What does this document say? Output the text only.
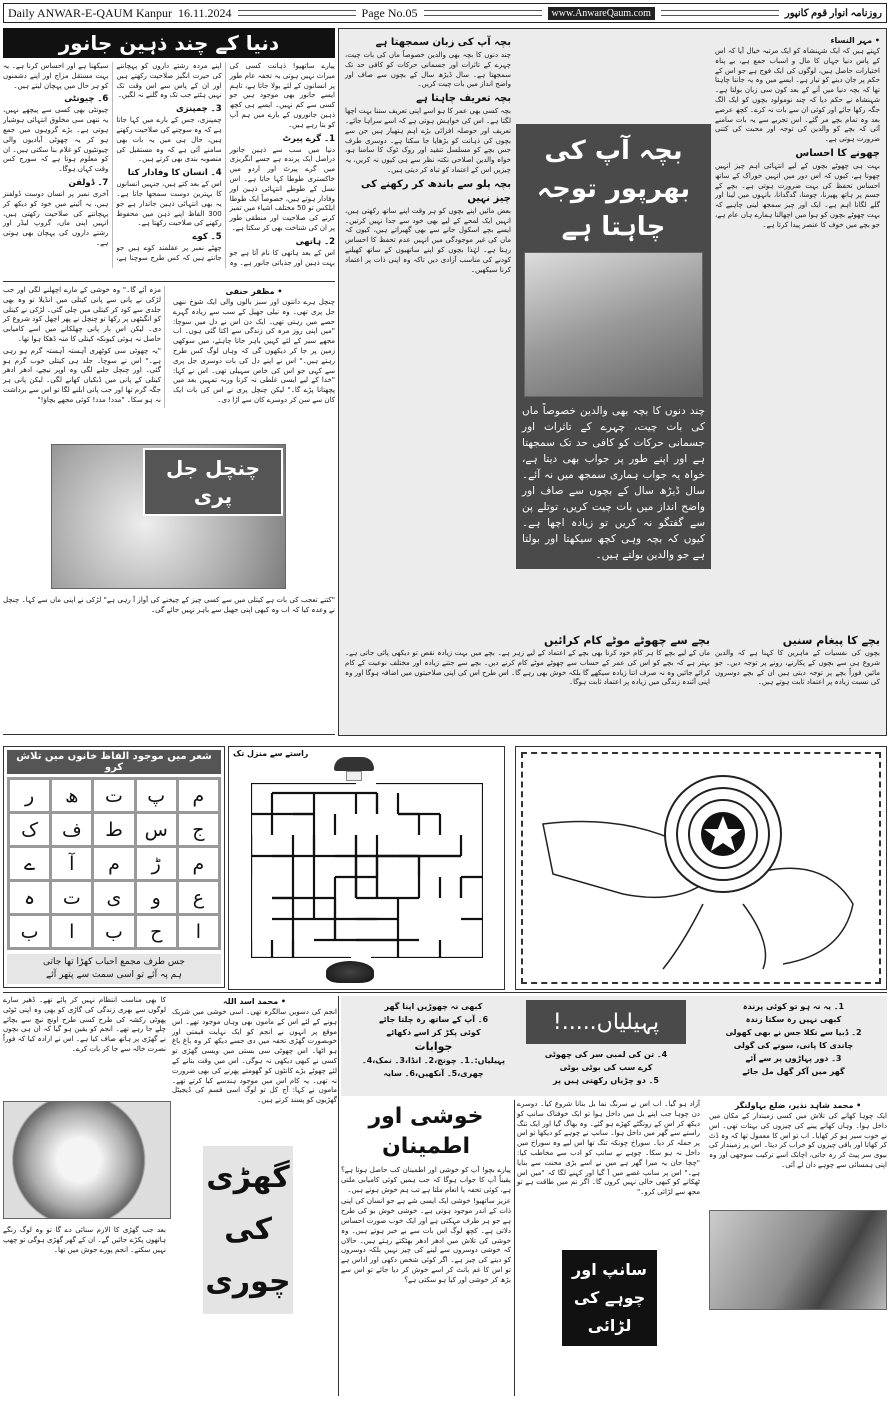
Daily ANWAR-E-QAUM Kanpur 16.11.2024	Page No.05	www.AnwareQaum.com	روزنامہ انوار قوم کانپور
دنیا کے چند ذہین جانور

پیارے ساتھیو! ذہانت کسی کی میراث نہیں ہوتی یہ تحفہ عام طور پر انسانوں کے لئے بولا جاتا ہے، تاہم ایسے جانور بھی موجود ہیں جو کسی سے کم نہیں۔ ایسے ہی کچھ ذہین جانوروں کے بارے میں ہم آپ کو بتا رہے ہیں۔

1۔ گرے پیرٹ

دنیا میں سب سے ذہین جانور دراصل ایک پرندہ ہے جسے انگریزی میں گرے پیرٹ اور اردو میں خاکستری طوطا کہا جاتا ہے۔ اس نسل کے طوطے انتہائی ذہین اور وفادار ہوتے ہیں، خصوصاً ایک طوطا ایلکس تو 50 مختلف اشیاء میں تمیز کرنے کی صلاحیت اور منطقی طور پر ان کی شناخت بھی کر سکتا ہے۔

2۔ ہاتھی

اس کے بعد ہاتھی کا نام آتا ہے جو بہت ذہین اور جذباتی جانور ہے۔ وہ اپنے مردہ رشتے داروں کو پہچاننے کی حیرت انگیز صلاحیت رکھتے ہیں اور ان کے پاس سے اس وقت تک نہیں ہٹتے جب تک وہ گلنے نہ لگیں۔

3۔ چمپنزی

چمپنزی، جس کے بارے میں کہا جاتا ہے کہ وہ سوچنے کی صلاحیت رکھتے ہیں، حال ہی میں یہ بات بھی سامنے آئی ہے کہ وہ مستقبل کی منصوبہ بندی بھی کرتے ہیں۔

4۔ انسان کا وفادار کتا

اس کے بعد کتے ہیں، جنہیں انسانوں کا بہترین دوست سمجھا جاتا ہے۔ یہ بھی انتہائی ذہین جاندار ہے جو 300 الفاظ اپنے ذہن میں محفوظ رکھنے کی صلاحیت رکھتا ہے۔

5۔ کوے

چھٹے نمبر پر عقلمند کوے ہیں جو جانتے ہیں کہ کس طرح سوچنا ہے، سیکھنا ہے اور احساس کرنا ہے۔ یہ بہت مستقل مزاج اور اپنے دشمنوں کو ہر حال میں پہچان لیتے ہیں۔

6۔ چیونٹی

چیونٹی بھی کسی سے پیچھے نہیں، یہ ننھی سی مخلوق انتہائی ہوشیار ہوتی ہے۔ بڑے گروہوں میں جمع ہو کر یہ چھوٹی آبادیوں والی چیونٹیوں کو غلام بنا سکتی ہیں۔ ان کو معلوم ہوتا ہے کہ سورج کس وقت کہاں ہوگا۔

7۔ ڈولفن

آخری نمبر پر انسان دوست ڈولفنز ہیں، یہ آئینے میں خود کو دیکھ کر پہچاننے کی صلاحیت رکھتی ہیں، انہیں اپنی ماں، گروپ لیڈر اور رشتے داروں کی پہچان بھی ہوتی ہے۔

• مظفر حنفی

چنچل ہرے دانتوں اور سبز بالوں والی ایک شوخ ننھی جل پری تھی۔ وہ نیلی جھیل کے سب سے زیادہ گہرے حصے میں رہتی تھی۔ ایک دن اس نے دل میں سوچا: "میں اپنی روز مرہ کی زندگی سے اکتا گئی ہوں۔ اب مجھے سیر کے لئے کہیں باہر جانا چاہئے، میں سوکھی زمین پر جا کر دیکھوں گی کہ وہاں لوگ کس طرح رہتے ہیں۔" اس نے اپنے دل کی بات دوسری جل پری سے کہی جو اس کی خاص سہیلی تھی۔ اس نے کہا: "خدا کے لیے ایسی غلطی نہ کرنا ورنہ تمہیں بعد میں پچھتانا پڑے گا۔" لیکن چنچل پری نے اس کی بات ایک کان سے سن کر دوسرے کان سے اڑا دی۔

مزہ آئے گا۔" وہ خوشی کے مارے اچھلنے لگی اور جب لڑکی نے پانی سے پانی کیتلی میں انڈیلا تو وہ بھی جلدی سے کود کر کیتلی میں چلی گئی۔ لڑکی نے کیتلی کو انگیٹھی پر رکھا تو چنچل نے پھر اچھل کود شروع کر دی۔ لیکن اس بار پانی چھلکانے میں اسے کامیابی حاصل نہ ہوئی کیونکہ کیتلی کا منہ ڈھکا ہوا تھا۔

"یہ چھوٹی سی کوٹھری آہستہ آہستہ گرم ہو رہی ہے۔" اس نے سوچا۔ جلد ہی کیتلی خوب گرم ہو گئی۔ اور چنچل جلنے لگی وہ اوپر نیچے، ادھر ادھر کیتلی کے پانی میں ڈبکیاں کھانے لگی۔ لیکن پانی ہر جگہ گرم تھا اور جب پانی ابلنے لگا تو اس سے برداشت نہ ہو سکا۔ "مدد! مدد! کوئی مجھے بچاؤ!"

چنچل جل پری

"کتنے تعجب کی بات ہے کیتلی میں سے کسی چیز کے چیخنے کی آواز آ رہی ہے" لڑکی نے اپنی ماں سے کہا۔ چنچل نے وعدہ کیا کہ اب وہ کبھی اپنی جھیل سے باہر نہیں جائے گی۔

• مہر النساء

کہتے ہیں کہ ایک شہنشاہ کو ایک مرتبہ خیال آیا کہ اس کے پاس دنیا جہاں کا مال و اسباب جمع ہے، بے پناہ اختیارات حاصل ہیں، لوگوں کی ایک فوج ہے جو اس کے حکم پر جان دینے کو تیار ہے۔ ایسے میں وہ یہ جاننا چاہتا تھا کہ بچہ دنیا میں آنے کے بعد کون سی زبان بولتا ہے۔ شہنشاہ نے حکم دیا کہ چند نومولود بچوں کو ایک الگ جگہ رکھا جائے اور کوئی ان سے بات نہ کرے۔ کچھ عرصے بعد وہ تمام بچے مر گئے۔ اس تجربے سے یہ بات سامنے آئی کہ بچے کو والدین کی توجہ اور محبت کی کتنی ضرورت ہوتی ہے۔

چھونے کا احساس

بہت ہی چھوٹے بچوں کے لیے انتہائی اہم چیز انہیں چھونا ہے، کیوں کہ اس دور میں انہیں خوراک کے ساتھ احساس تحفظ کی بہت ضرورت ہوتی ہے۔ بچے کے جسم پر ہاتھ پھیرنا، چومنا، گدگدانا، بانہوں میں لینا اور گلے لگانا اہم ہے۔ ایک اور چیز سمجھ لینی چاہیے کہ بہت چھوٹے بچوں کو ہوا میں اچھالنا ہمارے ہاں عام ہے، جو بچے میں خوف کا عنصر پیدا کرتا ہے۔

بچہ آپ کی زبان سمجھتا ہے

چند دنوں کا بچہ بھی والدین خصوصاً ماں کی بات چیت، چہرے کے تاثرات اور جسمانی حرکات کو کافی حد تک سمجھتا ہے۔ سال ڈیڑھ سال کے بچوں سے صاف اور واضح انداز میں بات چیت کریں۔

بچہ تعریف چاہتا ہے

بچہ کسی بھی عمر کا ہو اسے اپنی تعریف سننا بہت اچھا لگتا ہے۔ اس کی خواہش ہوتی ہے کہ اسے سراہا جائے۔ تعریف اور حوصلہ افزائی بڑے اہم ہتھیار ہیں جن سے بچوں کی ذہانت کو بڑھایا جا سکتا ہے۔ دوسری طرف جس بچے کو مسلسل تنقید اور روک ٹوک کا سامنا ہو، خواہ والدین اصلاحی نکتہ نظر سے ہی کیوں نہ کریں، یہ چیزیں اس کے اعتماد کو تباہ کر دیتی ہیں۔

بچہ پلو سے باندھ کر رکھنے کی چیز نہیں

بعض مائیں اپنے بچوں کو ہر وقت اپنے ساتھ رکھتی ہیں، انہیں ایک لمحے کے لیے بھی خود سے جدا نہیں کرتیں۔ ایسے بچے اسکول جانے سے بھی گھبراتے ہیں، کیوں کہ ماں کی غیر موجودگی میں انہیں عدم تحفظ کا احساس رہتا ہے۔ لہٰذا بچوں کو اپنے ساتھیوں کے ساتھ کھیلنے کودنے کی مناسب آزادی دیں تاکہ وہ اپنی ذات پر اعتماد کرنا سیکھیں۔

بچہ آپ کی بھرپور توجہ چاہتا ہے

چند دنوں کا بچہ بھی والدین خصوصاً ماں کی بات چیت، چہرے کے تاثرات اور جسمانی حرکات کو کافی حد تک سمجھتا ہے اور اپنے طور پر جواب بھی دیتا ہے، خواہ یہ جواب ہماری سمجھ میں نہ آئے۔ سال ڈیڑھ سال کے بچوں سے صاف اور واضح انداز میں بات چیت کریں، توتلے پن سے گفتگو نہ کریں تو زیادہ اچھا ہے۔ کیوں کہ بچہ وہی کچھ سیکھتا اور بولتا ہے جو والدین بولتے ہیں۔

بچے سے چھوٹے موٹے کام کرائیں

ماں کے لیے بچے کا ہر کام خود کرنا بھی بچے کے اعتماد کے لیے زہر ہے۔ بچے میں بہت زیادہ نقص تو دیکھی پائی جاتی ہے۔ بہتر ہے کہ بچے کو اس کی عمر کے حساب سے چھوٹے موٹے کام کرنے دیں۔ بچے سے جتنے زیادہ اور مختلف نوعیت کے کام کرائے جائیں وہ نہ صرف اتنا زیادہ سیکھے گا بلکہ خوش بھی رہے گا۔ اس طرح اس کی اپنی صلاحیتوں میں اضافہ ہوگا اور وہ اپنی آئندہ زندگی میں زیادہ پر اعتماد ثابت ہوگا۔

بچے کا پیغام سنیں

بچوں کی نفسیات کے ماہرین کا کہنا ہے کہ والدین شروع ہی سے بچوں کے پکارنے، رونے پر توجہ دیں۔ جو مائیں فوراً بچے پر توجہ دیتی ہیں ان کے بچے دوسروں کی نسبت زیادہ پر اعتماد ثابت ہوتے ہیں۔

شعر میں موجود الفاظ خانوں میں تلاش کرو
ر	ھ	ت	پ	م
ک	ف	ط	س	ج
ے	آ	م	ڑ	م
ہ	ت	ی	و	ع
ب	ا	ب	ح	ا
جس طرف مجمع احباب کھڑا تھا جاتی
ہم پہ آئے تو اسی سمت سے پتھر آئے
راستے سے منزل تک
• محمد اسد اللہ

انجم کی دسویں سالگرہ تھی۔ اسی خوشی میں شریک ہونے کے لئے اس کے ماموں بھی وہاں موجود تھے۔ اس موقع پر انہوں نے انجم کو ایک نہایت قیمتی اور خوبصورت گھڑی تحفہ میں دی جسے دیکھ کر وہ باغ باغ ہو اٹھا۔ اس چھوٹی سی بستی میں ویسی گھڑی تو کسی نے کبھی دیکھی نہ ہوگی۔ اس میں وقت بتانے کے لئے چھوٹے بڑے کانٹوں کو گھومتے پھرنے کی بھی ضرورت نہ تھی۔ یہ کام اس میں موجود ہندسے کیا کرتے تھے۔ ماموں نے کہا: آج کل تو لوگ اسی قسم کی ڈیجیٹل گھڑیوں کو پسند کرتے ہیں۔

گھڑی
کی
چوری

کا بھی مناسب انتظام نہیں کر پائے تھے۔ ڈھیر سارے لوگوں سے بھری زندگی کی گاڑی کو بھی وہ اپنی ٹوٹی پھوٹی رکشہ کی طرح کسی طرح اونچ نیچ سے بچائے چلے جا رہے تھے۔ انجم کو یقین ہو گیا کہ ان ہی بچوں نے گھڑی پر ہاتھ صاف کیا ہے۔ اس نے ارادہ کیا کہ فوراً نصرت خالہ سے جا کر بات کرے۔

بعد جب گھڑی کا الارم سنائی دے گا تو وہ لوگ رنگے ہاتھوں پکڑے جائیں گے۔ ان کے گھر گھڑی ہوگی تو چھپ نہیں سکتے۔ انجم پورے جوش میں تھا۔

1۔ یہ نہ ہو تو کوئی پرندہ
کبھی نہیں رہ سکتا زندہ
2۔ ڈبیا سے نکلا جس نے بھی کھولی
چاندی کا پانی، سونے کی گولی
3۔ دور پہاڑوں پر سے آئے
گھر میں آکر گھل مل جائے
پہیلیاں.....!
4۔ تن کی لمبی سر کی چھوٹی
کرے سب کی بوٹی بوٹی
5۔ دو چڑیاں رکھتی ہیں پر
کبھی نہ چھوڑیں اپنا گھر
6۔ آپ کے ساتھ رہ چلتا جائے
کوئی پکڑ کر اسے دکھائے
جوابات
پہیلیاں:۔1۔ چونچ،2۔ انڈا،3۔ نمک،4۔
چھری،5۔ آنکھیں،6۔ سایہ
خوشی اور اطمینان

پیارے بچو! آپ کو خوشی اور اطمینان کب حاصل ہوتا ہے؟ یقیناً آپ کا جواب ہوگا کہ جب ہمیں کوئی کامیابی ملتی ہے، کوئی تحفہ یا انعام ملتا ہے تب ہم خوش ہوتے ہیں۔

عزیز ساتھیو! خوشی ایک ایسی شے ہے جو انسان کی اپنی ذات کے اندر موجود ہوتی ہے۔ خوشی خوش بو کی طرح ہے جو ہر طرف مہکتی ہے اور ایک خوب صورت احساس دلاتی ہے۔ کچھ لوگ اس بات سے بے خبر ہوتے ہیں۔ وہ خوشی کی تلاش میں ادھر ادھر بھٹکتے رہتے ہیں۔ حالاں کہ خوشی دوسروں سے لینے کی چیز نہیں بلکہ دوسروں کو دینے کی چیز ہے۔ اگر کوئی شخص دکھی اور اداس ہے تو اس کا غم بانٹ کر اسے خوش کر دیا جائے تو اس سے بڑھ کر خوشی اور کیا ہو سکتی ہے؟

• محمد شاہد نذیر، ضلع بہاولنگر

ایک چوہا کھانے کی تلاش میں کسی زمیندار کے مکان میں داخل ہوا۔ وہاں کھانے پینے کی چیزوں کی بہتات تھی۔ اس نے خوب سیر ہو کر کھایا۔ اب تو اس کا معمول تھا کہ وہ ڈٹ کر کھاتا اور باقی چیزوں کو خراب کر دیتا۔ اس پر زمیندار کی بیوی سر پیٹ کر رہ جاتی، اچانک اسے ترکیب سوجھی اور وہ اپنی ہمسائی سے چوہے دان لے آئی۔

آزاد ہو گیا۔ اب اس نے سرنگ نما بل بنانا شروع کیا۔ دوسرے دن چوہا جب اپنے بل میں داخل ہوا تو ایک خوفناک سانپ کو دیکھ کر اس کے رونگٹے کھڑے ہو گئے۔ وہ بھاگ گیا اور ایک تنگ راستے سے گھر میں داخل ہوا۔ سانپ نے چوہے کو دیکھا تو اس پر حملہ کر دیا۔ سوراخ چونکہ تنگ تھا اس لیے وہ سوراخ میں داخل نہ ہو سکا۔ چوہے نے سانپ کو ادب سے مخاطب کیا: "چچا جان یہ میرا گھر ہے میں نے اسے بڑی محنت سے بنایا ہے۔" اس پر سانپ غصے میں آ گیا اور کہنے لگا کہ "میں اس ٹھکانے کو کبھی خالی نہیں کروں گا۔ اگر تم میں طاقت ہے تو مجھ سے لڑائی کرو۔"

سانپ اور
چوہے کی
لڑائی
